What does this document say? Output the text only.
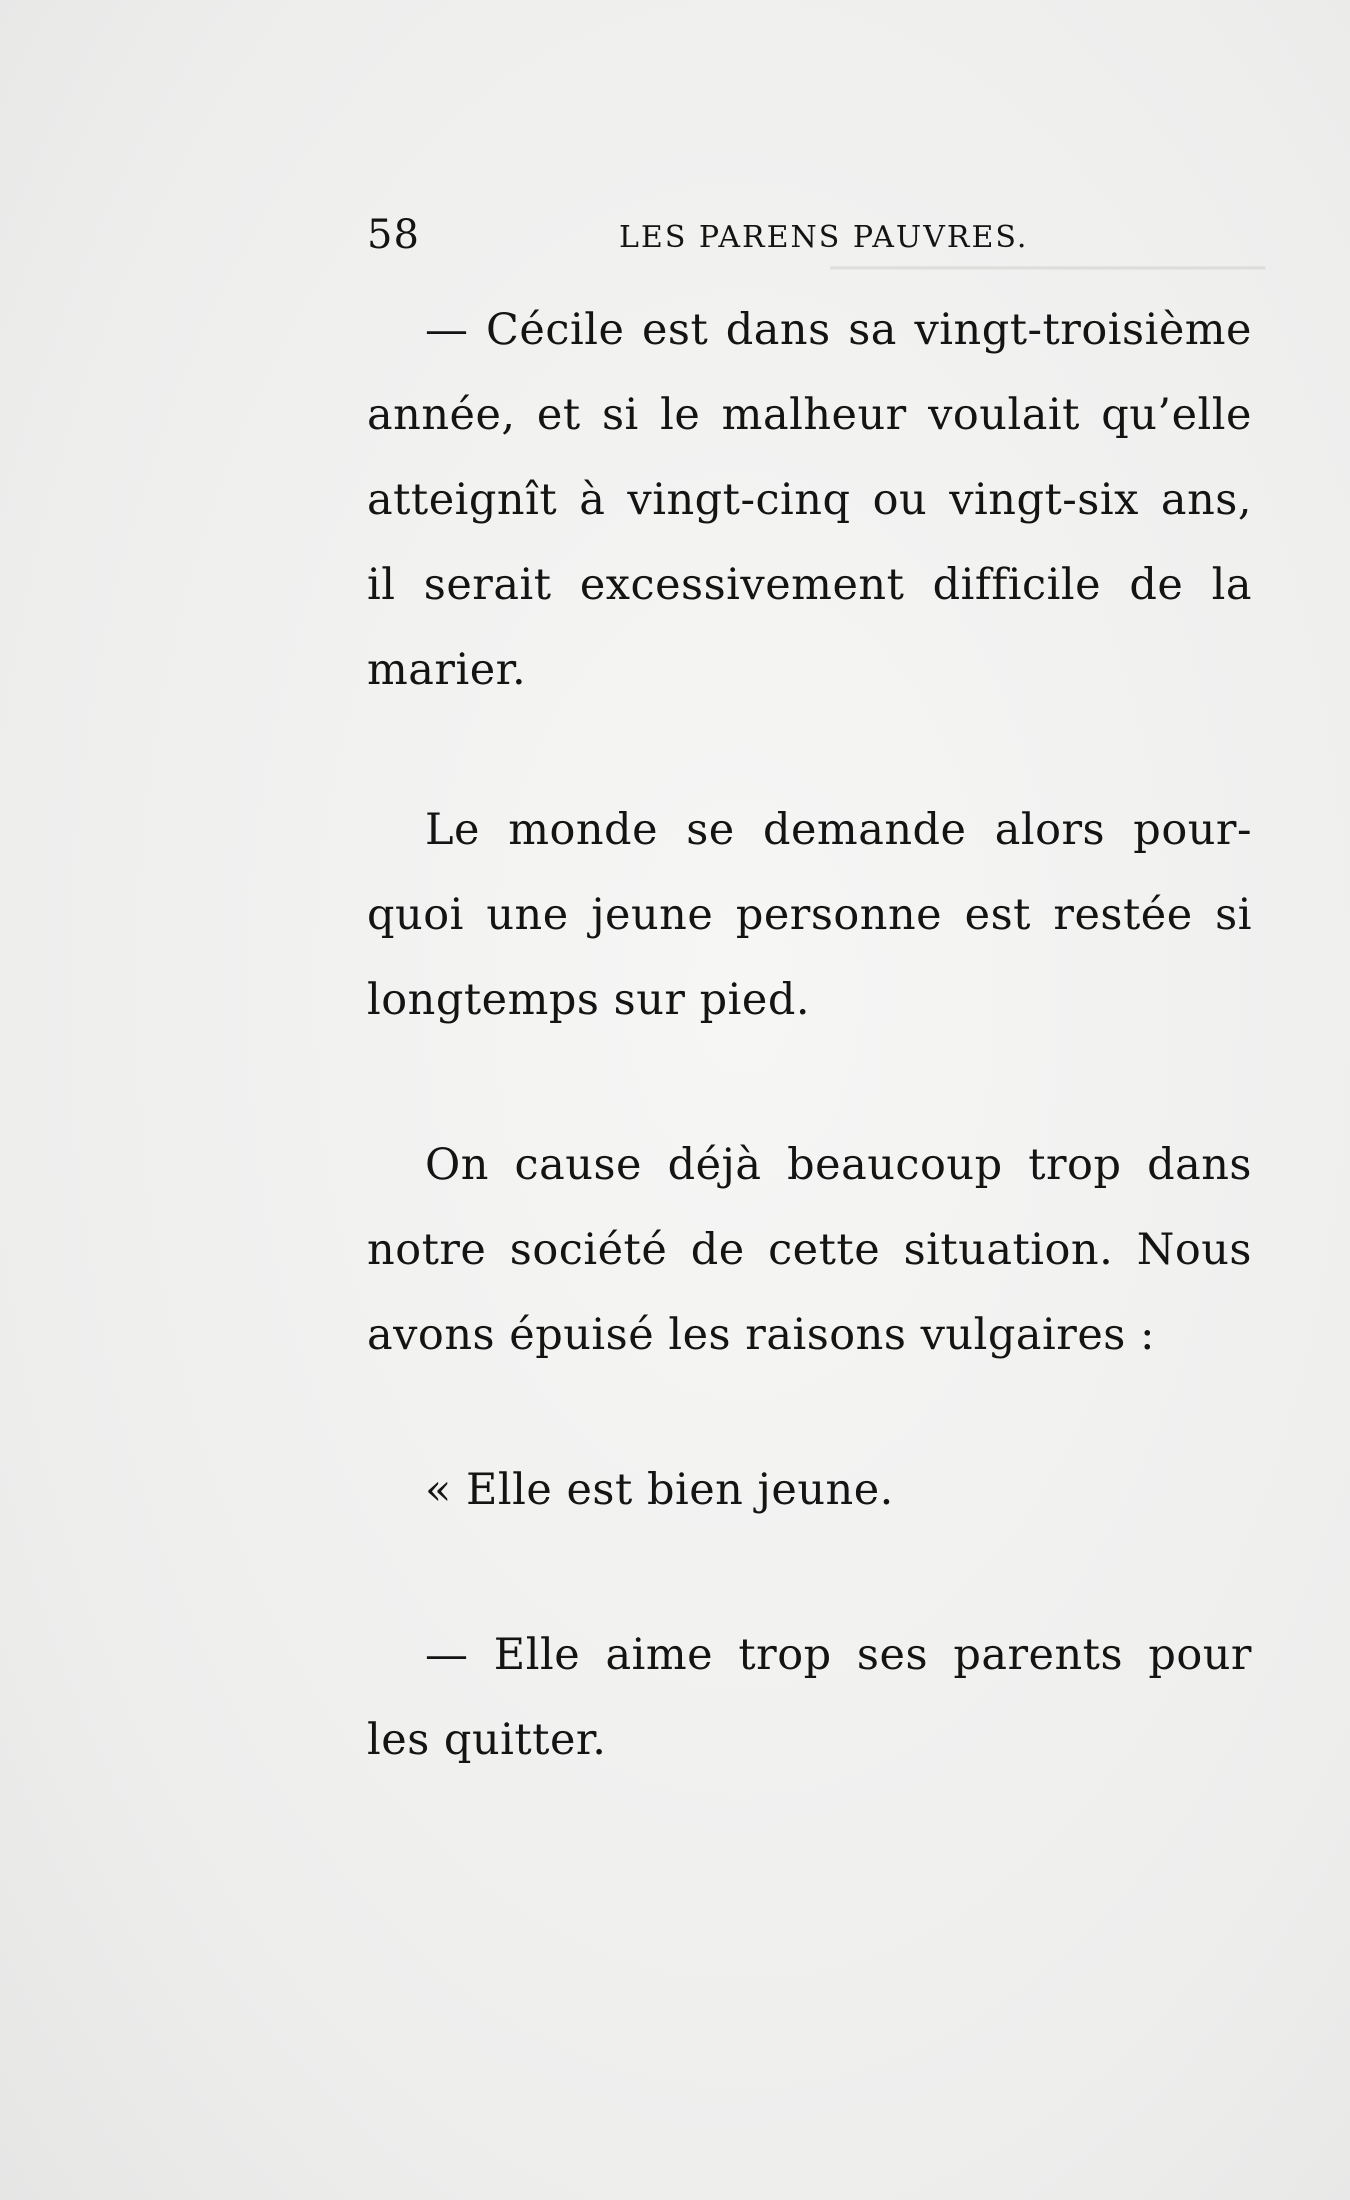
───────────────────
58	LES PARENS PAUVRES.
— Cécile est dans sa vingt-troisième
année, et si le malheur voulait qu’elle
atteignît à vingt-cinq ou vingt-six ans,
il serait excessivement difficile de la
marier.
Le monde se demande alors pour-
quoi une jeune personne est restée si
longtemps sur pied.
On cause déjà beaucoup trop dans
notre société de cette situation. Nous
avons épuisé les raisons vulgaires :
« Elle est bien jeune.
— Elle aime trop ses parents pour
les quitter.
